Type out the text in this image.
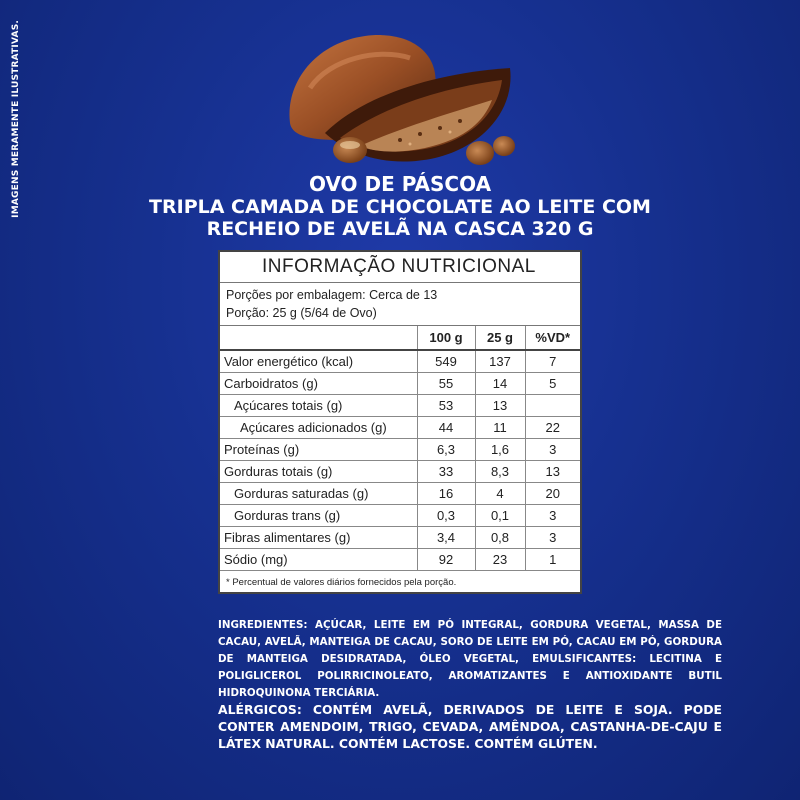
IMAGENS MERAMENTE ILUSTRATIVAS.	OVO DE PÁSCOA
TRIPLA CAMADA DE CHOCOLATE AO LEITE COM
RECHEIO DE AVELÃ NA CASCA 320 G
INFORMAÇÃO NUTRICIONAL
Porções por embalagem: Cerca de 13
Porção: 25 g (5/64 de Ovo)
	100 g	25 g	%VD*
Valor energético (kcal)	549	137	7
Carboidratos (g)	55	14	5
Açúcares totais (g)	53	13	
Açúcares adicionados (g)	44	11	22
Proteínas (g)	6,3	1,6	3
Gorduras totais (g)	33	8,3	13
Gorduras saturadas (g)	16	4	20
Gorduras trans (g)	0,3	0,1	3
Fibras alimentares (g)	3,4	0,8	3
Sódio (mg)	92	23	1
* Percentual de valores diários fornecidos pela porção.
INGREDIENTES: AÇÚCAR, LEITE EM PÓ INTEGRAL, GORDURA VEGETAL, MASSA DE CACAU, AVELÃ, MANTEIGA DE CACAU, SORO DE LEITE EM PÓ, CACAU EM PÓ, GORDURA DE MANTEIGA DESIDRATADA, ÓLEO VEGETAL, EMULSIFICANTES: LECITINA E POLIGLICEROL POLIRRICINOLEATO, AROMATIZANTES E ANTIOXIDANTE BUTIL HIDROQUINONA TERCIÁRIA.
ALÉRGICOS: CONTÉM AVELÃ, DERIVADOS DE LEITE E SOJA. PODE CONTER AMENDOIM, TRIGO, CEVADA, AMÊNDOA, CASTANHA-DE-CAJU E LÁTEX NATURAL. CONTÉM LACTOSE. CONTÉM GLÚTEN.
